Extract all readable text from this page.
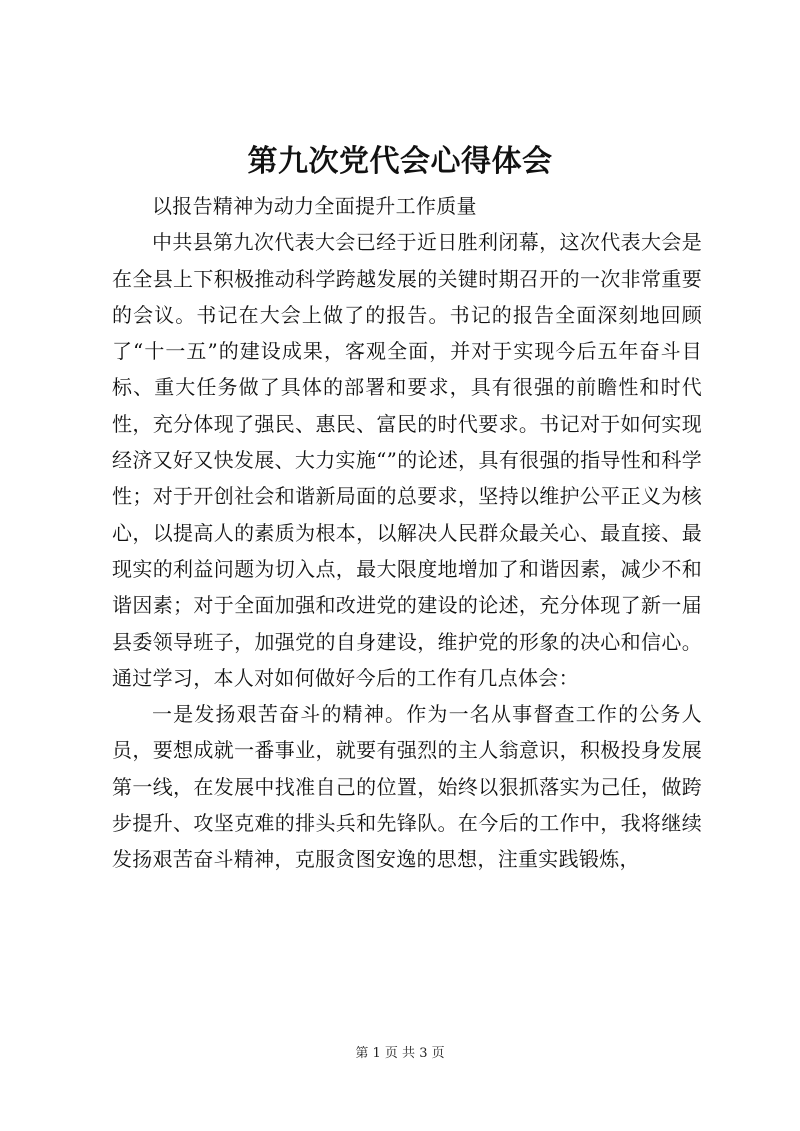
第九次党代会心得体会

以报告精神为动力全面提升工作质量

中共县第九次代表大会已经于近日胜利闭幕，这次代表大会是在全县上下积极推动科学跨越发展的关键时期召开的一次非常重要的会议。书记在大会上做了的报告。书记的报告全面深刻地回顾了“十一五”的建设成果，客观全面，并对于实现今后五年奋斗目标、重大任务做了具体的部署和要求，具有很强的前瞻性和时代性，充分体现了强民、惠民、富民的时代要求。书记对于如何实现经济又好又快发展、大力实施“”的论述，具有很强的指导性和科学性；对于开创社会和谐新局面的总要求，坚持以维护公平正义为核心，以提高人的素质为根本，以解决人民群众最关心、最直接、最现实的利益问题为切入点，最大限度地增加了和谐因素，减少不和谐因素；对于全面加强和改进党的建设的论述，充分体现了新一届县委领导班子，加强党的自身建设，维护党的形象的决心和信心。通过学习，本人对如何做好今后的工作有几点体会：

一是发扬艰苦奋斗的精神。作为一名从事督查工作的公务人员，要想成就一番事业，就要有强烈的主人翁意识，积极投身发展第一线，在发展中找准自己的位置，始终以狠抓落实为己任，做跨步提升、攻坚克难的排头兵和先锋队。在今后的工作中，我将继续发扬艰苦奋斗精神，克服贪图安逸的思想，注重实践锻炼，

第 1 页 共 3 页
